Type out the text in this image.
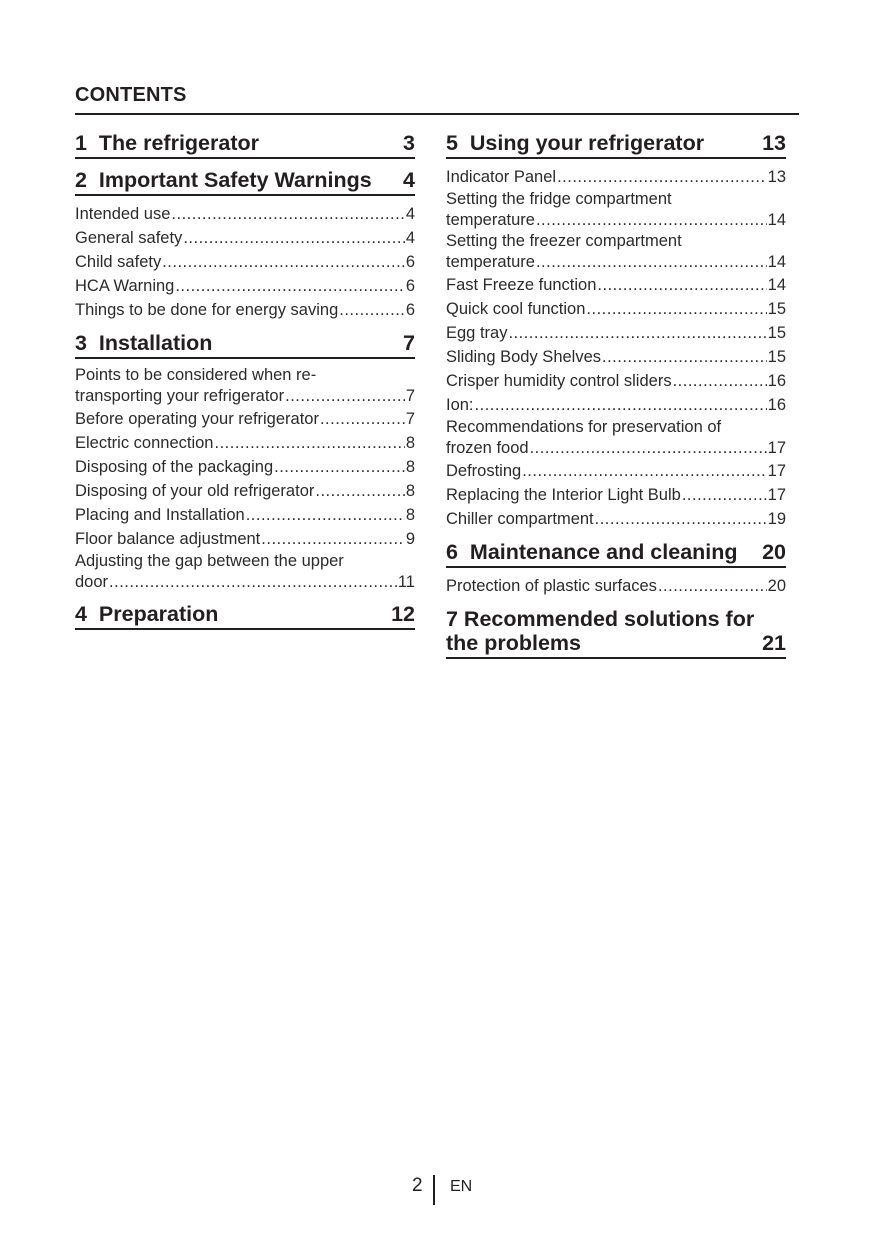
CONTENTS
1  The refrigerator	3
2  Important Safety Warnings 4
Intended use .....	4
General safety .....	4
Child safety .....	6
HCA Warning .....	6
Things to be done for energy saving .....	6
3  Installation	7
Points to be considered when re-
transporting your refrigerator .....	7
Before operating your refrigerator .....	7
Electric connection .....	8
Disposing of the packaging .....	8
Disposing of your old refrigerator .....	8
Placing and Installation .....	8
Floor balance adjustment .....	9
Adjusting the gap between the upper
door .....	11
4  Preparation	12
5  Using your refrigerator	13
Indicator Panel .....	13
Setting the fridge compartment
temperature .....	14
Setting the freezer compartment
temperature .....	14
Fast Freeze function .....	14
Quick cool function .....	15
Egg tray .....	15
Sliding Body Shelves .....	15
Crisper humidity control sliders .....	16
Ion: .....	16
Recommendations for preservation of
frozen food .....	17
Defrosting .....	17
Replacing the Interior Light Bulb .....	17
Chiller compartment .....	19
6  Maintenance and cleaning 20
Protection of plastic surfaces .....	20
7 Recommended solutions for the problems	21
2 EN
